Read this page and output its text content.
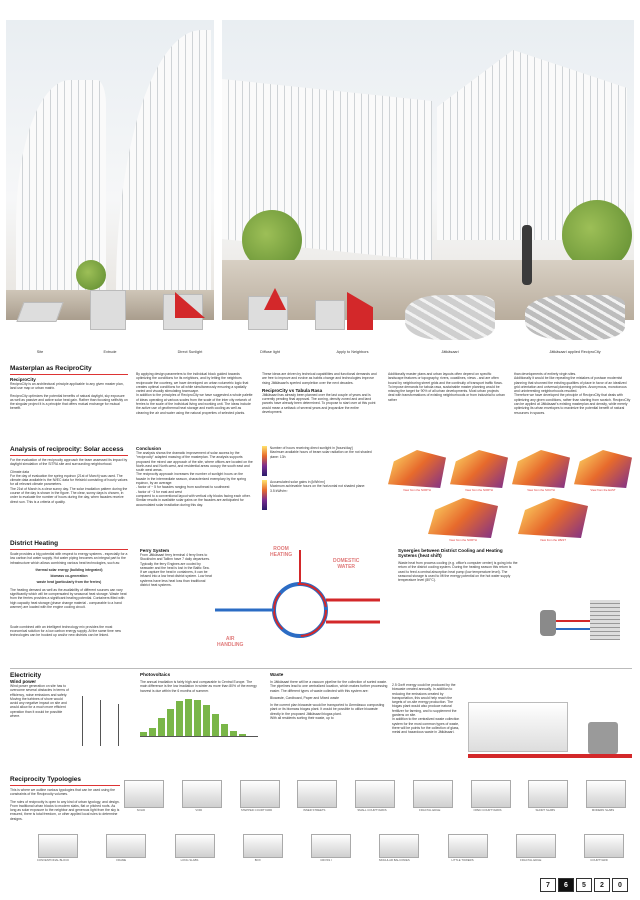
Site	Extrude	Direct Sunlight	Diffuse light	Apply to Neighbors	Jätkäsaari	Jätkäsaari applied ReciproCity
Masterplan as ReciproCity
ReciproCity
ReciproCity is an architectural principle applicable to any given master plan, land use map or urban matrix.
ReciproCity optimizes the potential benefits of natural daylight, sky exposure as well as passive and active solar heat gain. Rather than focusing selfishly on the singular project it is a principle that offers mutual exchange for mutual benefit.
By applying design parameters to the individual block guided towards optimizing the conditions for its neighbors, and by letting the neighbors reciprocate the courtesy, we have developed an urban volumetric logic that creates optimal conditions for all while simultaneously ensuring a spatially varied and visually stimulating townscape.
In addition to the principles of ReciproCity we have suggested a whole palette of ideas operating at various scales from the scale of the inter city network of ferries to the scale of the individual living and working unit. The ideas include the active use of geothermal heat storage and earth cooling as well as cleaning the air and water using the natural properties of selected plants.
These ideas are driven by technical capabilities and functional demands and are free to improve and evolve as habits change and technologies improve rising Jätkäsaari's sperled completion over the next decades.
ReciproCity vs Tabula Rasa
Jätkäsaari has already been planned over the last couple of years and is currently pending final approval. The zoning, density zoned and and land parcels have already been determined. To propose to start over at this point would mean a setback of several years and jeopardize the entire development.
Additionally master plans and urban layouts often depend on specific landscape features or topography, rivers, coastlines, views - and are often bound by neighboring street grids and the continuity of transport traffic flows.
To impose demands for tabula rasa, sustainable master planning would be missing the target for 90% of all urban developments. Most urban projects deal with transformations of existing neighborhoods or from industrial to urban rather
than developments of entirely virgin sites.
Additionally it would be like repeating the mistakes of postwar modernist planning that shunned the existing qualities of place in favor of an idealized grid orientation and universal planning principles. Anonymous, monotonous and uninteresting neighborhoods resulted.
Therefore we have developed the principle of ReciproCity that deals with optimizing any given conditions, rather than starting from scratch. ReciproCity can be applied at Jätkäsaari's existing masterplan and density, while merely optimizing its urban envelopes to maximize the potential benefit of natural resources in spaces.
Analysis of reciprocity: Solar access
For the evaluation of the reciprocity approach the team assessed its impact by daylight simulation of the SITRA site and surrounding neighborhood.
Climate data
For the day of evaluation the spring equinox (21st of March) was used. The climate data available is the IWEC data for Helsinki consisting of hourly values for all relevant climate parameters.
The 21st of March is a clear sunny day. The solar irradiation pattern during the course of the day is shown in the figure. The clear, sunny days is chosen, in order to evaluate the number of hours during the day, when facades receive direct sun. This is a criteria of quality.
Conclusion
The analysis shows the dramatic improvement of solar access by the "reciprocity" adapted massing of the masterplan. The analysis supports proposed the mixed use approach of the site, where offices are located on the North-east and North-west, and residential areas occupy the south east and south west areas.
The reciprocity approach increases the number of sunlight hours on the facade in the intermediate season, characterized exemplary by the spring equinox, by an average:
- factor of ~ 5 for facades ranging from southeast to southwest
- factor of ~3 for east and west
compared to a conventional layout with vertical city blocks facing each other. Similar results in available solar gains on the facades are anticipated for accumulated solar irradiation during this day.
Number of hours receiving direct sunlight in [hours/day]
Maximum available hours of beam solar radiation on the not shaded plane: 13h
Accumulated solar gains in [kWh/m²]
Maximum achievable hours on the horizontal not shaded plane:
3.5 kWh/m²	View from the NORTH	View from the NORTH	View from the SOUTH	View from the EAST
View from the NORTH	View from the WEST
District Heating
Scale provides a big potential with respect to energy systems - especially for a low carbon hot water supply. Hot water piping becomes an integral part to the infrastructure which allows combining various heat technologies, such as:
thermal solar energy (building integrated)
biomass co-generation
waste heat (particularly from the ferries)
The heating demand as well as the availability of different sources can vary significantly which will be compensated by seasonal heat storage. Waste heat from the ferries provides a significant heating potential. Containers filled with high capacity heat storage (phase change material - comparable to a hand warmer) are loaded with the engine cooling circuit.
Scale combined with an intelligent technology mix provides the most economical solution for a low carbon energy supply. At the same time new technologies can be hooked up and/or new districts can be linked.
Ferry System
From Jätkäsaari ferry terminal 4 ferry lines to Stockholm and Tallinn have 7 daily departures.
Typically the ferry Engines are cooled by seawater and the heat is lost in the Baltic Sea.
If we capture the heat in containers, it can be infused into a low heat district system. Low heat systems have less heat loss than traditional district heat systems.
ROOM
HEATING
DOMESTIC
WATER
AIR
HANDLING
Synergies between District Cooling and Heating Systems (heat shift)
Waste heat from process cooling (e.g. office's computer center) is going into the return of the district cooling system. During the heating season this return is used to feed a central absorption heat pump (low temperature level). The seasonal storage is used to lift the energy potential on the hot water supply temperature level (80°C).
Electricity
Wind power
Wind power generation on site has to overcome several obstacles in terms of efficiency, noise emissions and safety. Moving the turbines of shore would avoid any negative impact on site and would allow for a much more efficient operation than it would be possible where.
Photovoltaics
The annual irradiation is fairly high and comparable to Central Europe. The main difference is the low irradiation in winter as more than 80% of the energy harvest is due within the 6 months of summer.
Waste
In Jätkäsaari there will be a vacuum pipeline for the collection of sorted waste. The pipelines lead to one centralized location, which makes further processing easier. The different types of waste collected with this system are:
Biowaste, Cardboard, Paper and Mixed waste
In the current plan biowaste would be transported to Ämmässuo composting plant or its biomass biogas plant. It would be possible to utilize biowaste directly in the proposed Jätkäsaari biogas plant.
With all residents sorting their waste, up to
2.5 GwH energy could be produced by the biowaste created annually. In addition to reducing the emissions created by transportation, this would help reach the targets of on-site energy production. The biogas plant would also produce natural fertilizer for farming, and to supplement the gardens on site.
In addition to the centralized waste collection system for the most common types of waste, there will be points for the collection of glass, metal and hazardous waste in Jätkäsaari.
Reciprocity Typologies
This is where we outline various typologies that can be used using the constraints of the Reciprocity volumes.
The rules of reciprocity is open to any kind of urban typology, and design. From traditional urban blocks to modern slabs, flat or pitched roofs. As long as solar exposure to the neighbor and generous light from the sky is ensured, there is total freedom, or other applied local rules to determine designs.
SOLID	VOID	STEPPED COURTYARD	INNER STREETS	SMALL COURTYARDS	FRACTAL EDGE	OPEN COURTYARDS	SHORT SLABS	MODERN SLABS
CONVENTIONAL BLOCK	FRAME	LONG SLABS	BOX	CROSS I	SINGULAR BALCONIES	LITTLE TOWERS	FRACTAL EDGE	COURTYARD
7	6	5	2	0
